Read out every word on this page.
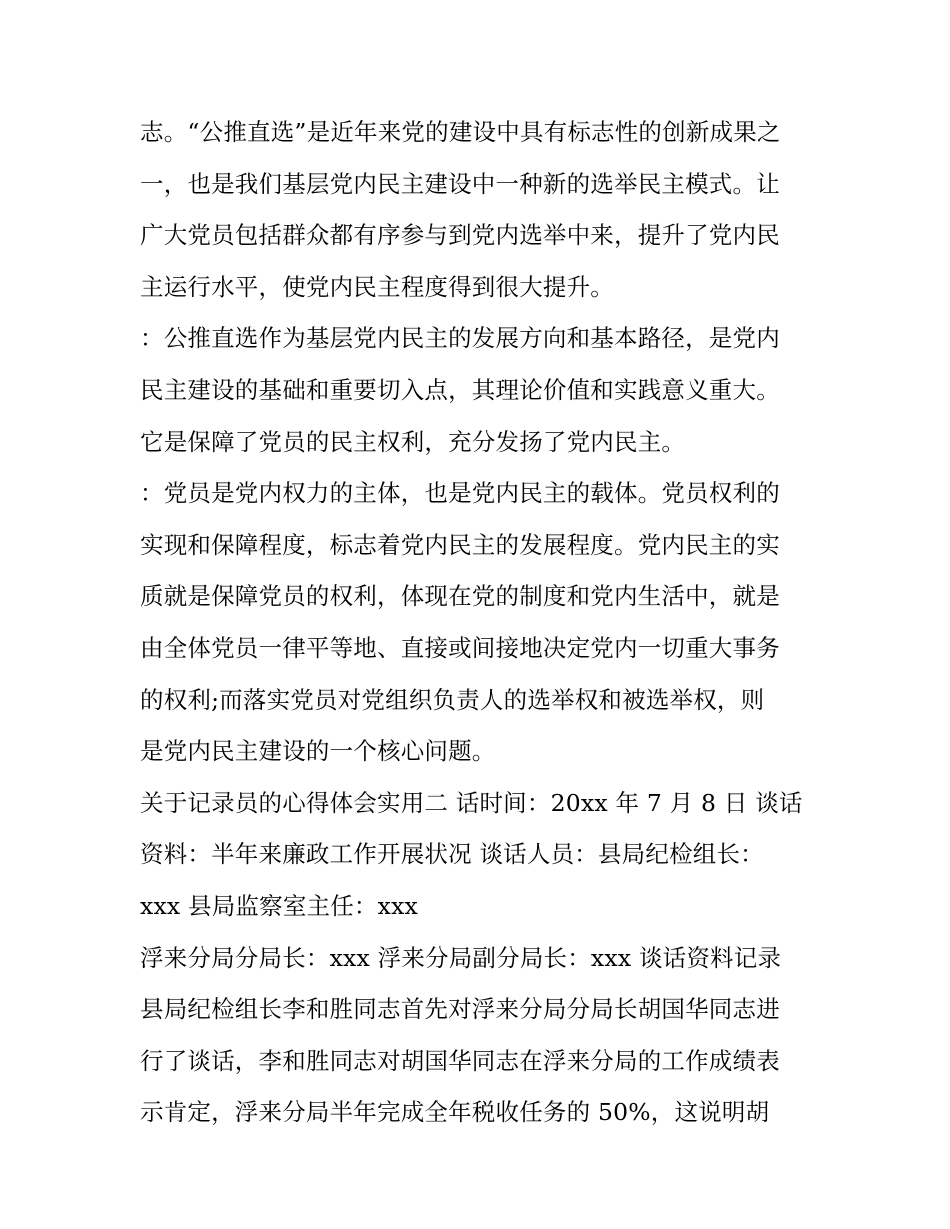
志。“公推直选”是近年来党的建设中具有标志性的创新成果之
一，也是我们基层党内民主建设中一种新的选举民主模式。让
广大党员包括群众都有序参与到党内选举中来，提升了党内民
主运行水平，使党内民主程度得到很大提升。
：公推直选作为基层党内民主的发展方向和基本路径，是党内
民主建设的基础和重要切入点，其理论价值和实践意义重大。
它是保障了党员的民主权利，充分发扬了党内民主。
：党员是党内权力的主体，也是党内民主的载体。党员权利的
实现和保障程度，标志着党内民主的发展程度。党内民主的实
质就是保障党员的权利，体现在党的制度和党内生活中，就是
由全体党员一律平等地、直接或间接地决定党内一切重大事务
的权利;而落实党员对党组织负责人的选举权和被选举权，则
是党内民主建设的一个核心问题。
关于记录员的心得体会实用二 话时间：20xx 年 7 月 8 日 谈话
资料：半年来廉政工作开展状况 谈话人员：县局纪检组长：
xxx 县局监察室主任：xxx
浮来分局分局长：xxx 浮来分局副分局长：xxx 谈话资料记录
县局纪检组长李和胜同志首先对浮来分局分局长胡国华同志进
行了谈话，李和胜同志对胡国华同志在浮来分局的工作成绩表
示肯定，浮来分局半年完成全年税收任务的 50%，这说明胡
